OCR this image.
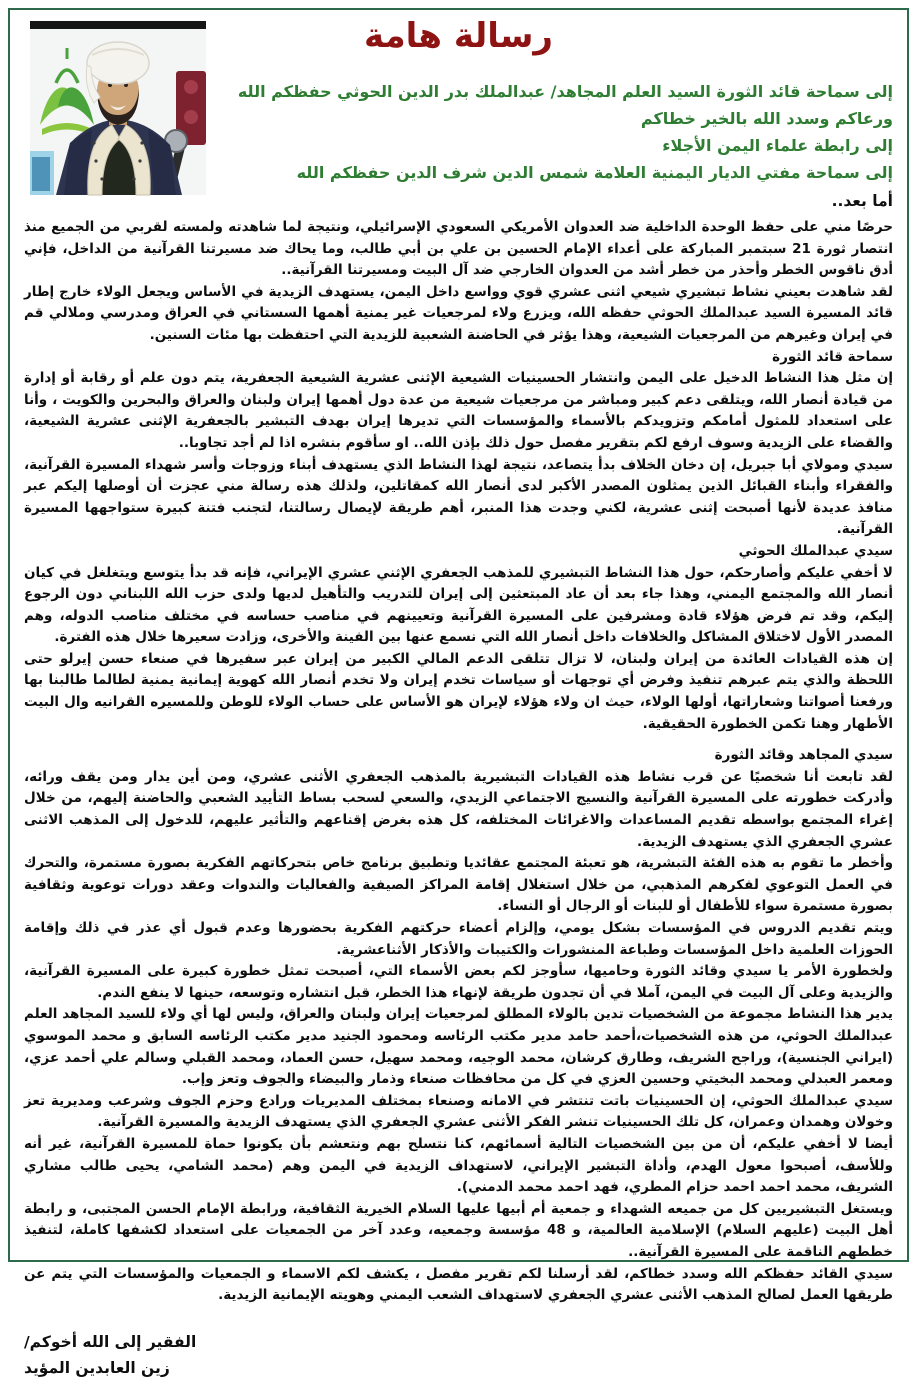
رسالة هامة
إلى سماحة قائد الثورة السيد العلم المجاهد/ عبدالملك بدر الدين الحوثي حفظكم الله
ورعاكم وسدد الله بالخير خطاكم
إلى رابطة علماء اليمن الأجلاء
إلى سماحة مفتي الديار اليمنية العلامة شمس الدين شرف الدين حفظكم الله
أما بعد..

حرصًا مني على حفظ الوحدة الداخلية ضد العدوان الأمريكي السعودي الإسرائيلي، ونتيجة لما شاهدته ولمسته لقربي من الجميع منذ انتصار ثورة 21 سبتمبر المباركة على أعداء الإمام الحسين بن علي بن أبي طالب، وما يحاك ضد مسيرتنا القرآنية من الداخل، فإني أدق ناقوس الخطر وأحذر من خطر أشد من العدوان الخارجي ضد آل البيت ومسيرتنا القرآنية..

لقد شاهدت بعيني نشاط تبشيري شيعي اثنى عشري قوي وواسع داخل اليمن، يستهدف الزيدية في الأساس ويجعل الولاء خارج إطار قائد المسيرة السيد عبدالملك الحوثي حفظه الله، ويزرع ولاء لمرجعيات غير يمنية أهمها السستاني في العراق ومدرسي وملالي قم في إيران وغيرهم من المرجعيات الشيعية، وهذا يؤثر في الحاضنة الشعبية للزيدية التي احتفظت بها مئات السنين.

سماحة قائد الثورة

إن مثل هذا النشاط الدخيل على اليمن وانتشار الحسينيات الشيعية الإثنى عشرية الشيعية الجعفرية، يتم دون علم أو رقابة أو إدارة من قيادة أنصار الله، ويتلقى دعم كبير ومباشر من مرجعيات شيعية من عدة دول أهمها إيران ولبنان والعراق والبحرين والكويت ، وأنا على استعداد للمثول أمامكم وتزويدكم بالأسماء والمؤسسات التي تديرها إيران بهدف التبشير بالجعفرية الإثنى عشرية الشيعية، والقضاء على الزيدية وسوف ارفع لكم بتقرير مفصل حول ذلك بإذن الله.. او سأقوم بنشره اذا لم أجد تجاوبا..

سيدي ومولاي أبا جبريل، إن دخان الخلاف بدأ يتصاعد، نتيجة لهذا النشاط الذي يستهدف أبناء وزوجات وأسر شهداء المسيرة القرآنية، والفقراء وأبناء القبائل الذين يمثلون المصدر الأكبر لدى أنصار الله كمقاتلين، ولذلك هذه رسالة مني عجزت أن أوصلها إليكم عبر منافذ عديدة لأنها أصبحت إثنى عشرية، لكني وجدت هذا المنبر، أهم طريقة لإيصال رسالتنا، لتجنب فتنة كبيرة ستواجهها المسيرة القرآنية.

سيدي عبدالملك الحوثي

لا أخفي عليكم وأصارحكم، حول هذا النشاط التبشيري للمذهب الجعفري الإثني عشري الإيراني، فإنه قد بدأ يتوسع ويتغلغل في كيان أنصار الله والمجتمع اليمني، وهذا جاء بعد أن عاد المبتعثين إلى إيران للتدريب والتأهيل لديها ولدى حزب الله اللبناني دون الرجوع إليكم، وقد تم فرض هؤلاء قادة ومشرفين على المسيرة القرآنية وتعيينهم في مناصب حساسه في مختلف مناصب الدوله، وهم المصدر الأول لاختلاق المشاكل والخلافات داخل أنصار الله التي نسمع عنها بين الفينة والأخرى، وزادت سعيرها خلال هذه الفترة.

إن هذه القيادات العائدة من إيران ولبنان، لا تزال تتلقى الدعم المالي الكبير من إيران عبر سفيرها في صنعاء حسن إيرلو حتى اللحظة والذي يتم عبرهم تنفيذ وفرض أي توجهات أو سياسات تخدم إيران ولا تخدم أنصار الله كهوية إيمانية يمنية لطالما طالبنا بها ورفعنا أصواتنا وشعاراتها، أولها الولاء، حيث ان ولاء هؤلاء لإيران هو الأساس على حساب الولاء للوطن وللمسيره القرانيه وال البيت الأطهار وهنا تكمن الخطورة الحقيقية.

سيدي المجاهد وقائد الثورة

لقد تابعت أنا شخصيًا عن قرب نشاط هذه القيادات التبشيرية بالمذهب الجعفري الأثنى عشري، ومن أين يدار ومن يقف ورائه، وأدركت خطورته على المسيرة القرآنية والنسيج الاجتماعي الزيدي، والسعي لسحب بساط التأييد الشعبي والحاضنة إليهم، من خلال إغراء المجتمع بواسطه تقديم المساعدات والاغرائات المختلفه، كل هذه بغرض إقناعهم والتأثير عليهم، للدخول إلى المذهب الاثنى عشري الجعفري الذي يستهدف الزيدية.

وأخطر ما تقوم به هذه الفئة التبشرية، هو تعبئة المجتمع عقائديا وتطبيق برنامج خاص بتحركاتهم الفكرية بصورة مستمرة، والتحرك في العمل التوعوي لفكرهم المذهبي، من خلال استغلال إقامة المراكز الصيفية والفعاليات والندوات وعقد دورات توعوية وثقافية بصورة مستمرة سواء للأطفال أو للبنات أو الرجال أو النساء.

ويتم تقديم الدروس في المؤسسات بشكل يومي، وإلزام أعضاء حركتهم الفكرية بحضورها وعدم قبول أي عذر في ذلك وإقامة الحوزات العلمية داخل المؤسسات وطباعة المنشورات والكتيبات والأذكار الأثناعشرية.

ولخطورة الأمر يا سيدي وقائد الثورة وحاميها، سأوجز لكم بعض الأسماء التي، أصبحت تمثل خطورة كبيرة على المسيرة القرآنية، والزيدية وعلى آل البيت في اليمن، آملا في أن تجدون طريقة لإنهاء هذا الخطر، قبل انتشاره وتوسعه، حينها لا ينفع الندم.

يدير هذا النشاط مجموعة من الشخصيات تدين بالولاء المطلق لمرجعيات إيران ولبنان والعراق، وليس لها أي ولاء للسيد المجاهد العلم عبدالملك الحوثي، من هذه الشخصيات،أحمد حامد مدير مكتب الرئاسه ومحمود الجنيد مدير مكتب الرئاسه السابق و محمد الموسوي (ايراني الجنسية)، وراجح الشريف، وطارق كرشان، محمد الوجيه، ومحمد سهيل، حسن العماد، ومحمد القبلي وسالم علي أحمد عزي، ومعمر العبدلي ومحمد البخيتي وحسين العزي في كل من محافظات صنعاء وذمار والبيضاء والجوف وتعز وإب.

سيدي عبدالملك الحوثي، إن الحسينيات باتت تنتشر في الامانه وصنعاء بمختلف المديريات ورادع وحزم الجوف وشرعب ومديرية تعز وخولان وهمدان وعمران، كل تلك الحسينيات تنشر الفكر الأثنى عشري الجعفري الذي يستهدف الزيدية والمسيرة القرآنية.

أيضا لا أخفي عليكم، أن من بين الشخصيات التالية أسمائهم، كنا نتسلح بهم ونتعشم بأن يكونوا حماة للمسيرة القرآنية، غير أنه وللأسف، أصبحوا معول الهدم، وأداة التبشير الإيراني، لاستهداف الزيدية في اليمن وهم (محمد الشامي، يحيى طالب مشاري الشريف، محمد احمد احمد حزام المطري، فهد احمد محمد الدمني).

ويستغل التبشيريين كل من جميعه الشهداء و جمعية أم أبيها عليها السلام الخيرية الثقافية، ورابطة الإمام الحسن المجتبى، و رابطة أهل البيت (عليهم السلام) الإسلامية العالمية، و 48 مؤسسة وجمعيه، وعدد آخر من الجمعيات على استعداد لكشفها كاملة، لتنفيذ خططهم الناقمة على المسيرة القرآنية..

سيدي القائد حفظكم الله وسدد خطاكم، لقد أرسلنا لكم تقرير مفصل ، يكشف لكم الاسماء و الجمعيات والمؤسسات التي يتم عن طريقها العمل لصالح المذهب الأثنى عشري الجعفري لاستهداف الشعب اليمني وهويته الإيمانية الزيدية.

الفقير إلى الله أخوكم/
زين العابدين المؤيد
